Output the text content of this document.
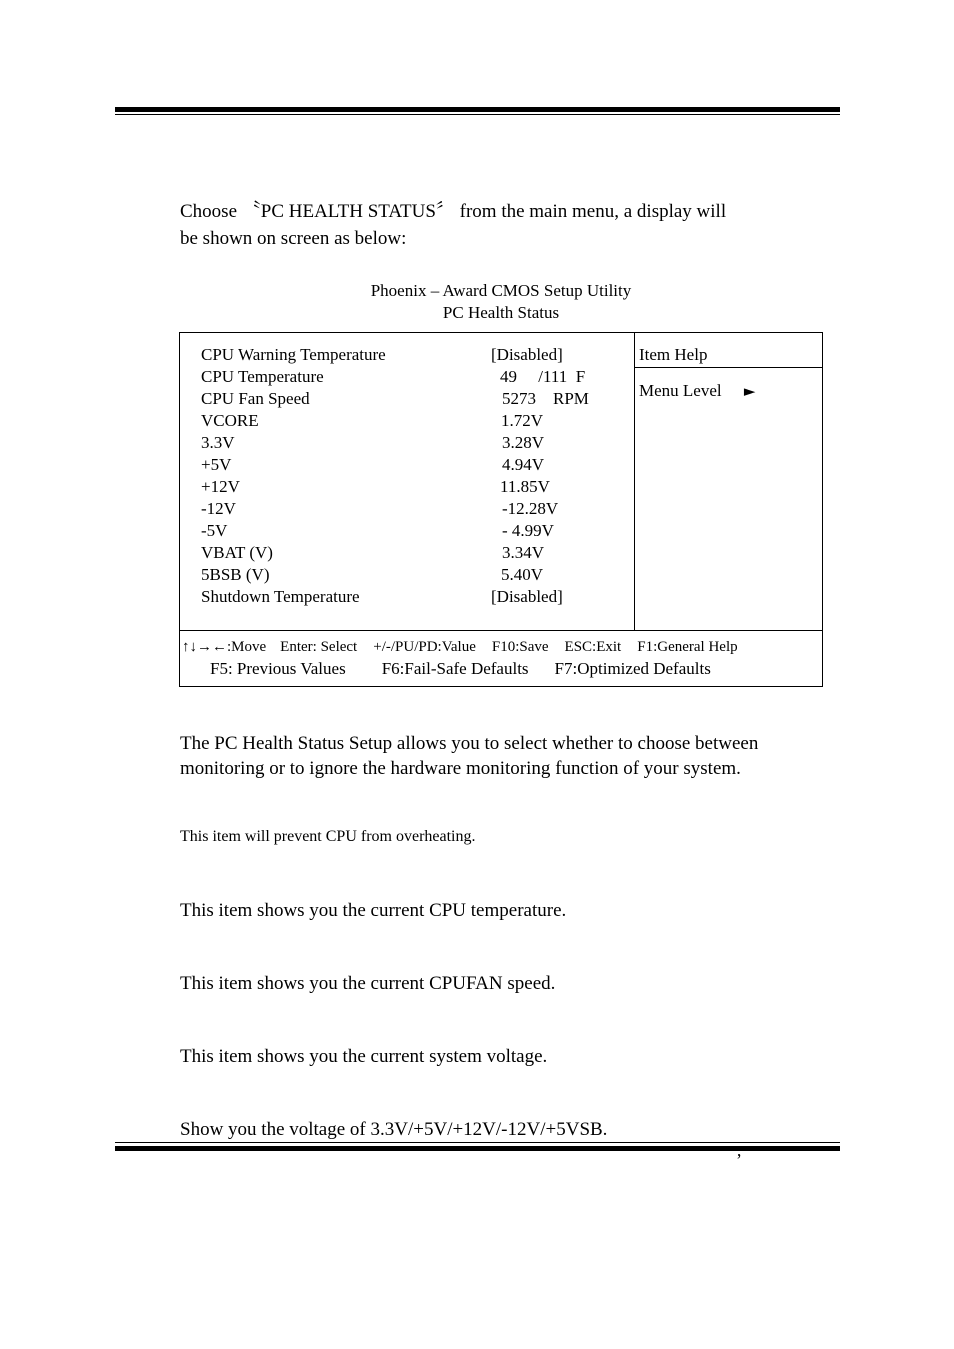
Choose 〝PC HEALTH STATUS〞 from the main menu, a display will
be shown on screen as below:
Phoenix – Award CMOS Setup Utility
PC Health Status
CPU Warning Temperature	[Disabled]
CPU Temperature	49     /111  F
CPU Fan Speed	5273    RPM
VCORE	1.72V
3.3V	3.28V
+5V	4.94V
+12V	11.85V
-12V	-12.28V
-5V	- 4.99V
VBAT (V)	3.34V
5BSB (V)	5.40V
Shutdown Temperature	[Disabled]
Item Help
Menu Level ►
↑↓→←:Move Enter: Select +/-/PU/PD:Value F10:Save ESC:Exit F1:General Help
F5: Previous Values F6:Fail-Safe Defaults F7:Optimized Defaults
The PC Health Status Setup allows you to select whether to choose between
monitoring or to ignore the hardware monitoring function of your system.
This item will prevent CPU from overheating.
This item shows you the current CPU temperature.
This item shows you the current CPUFAN speed.
This item shows you the current system voltage.
Show you the voltage of 3.3V/+5V/+12V/-12V/+5VSB.
’
